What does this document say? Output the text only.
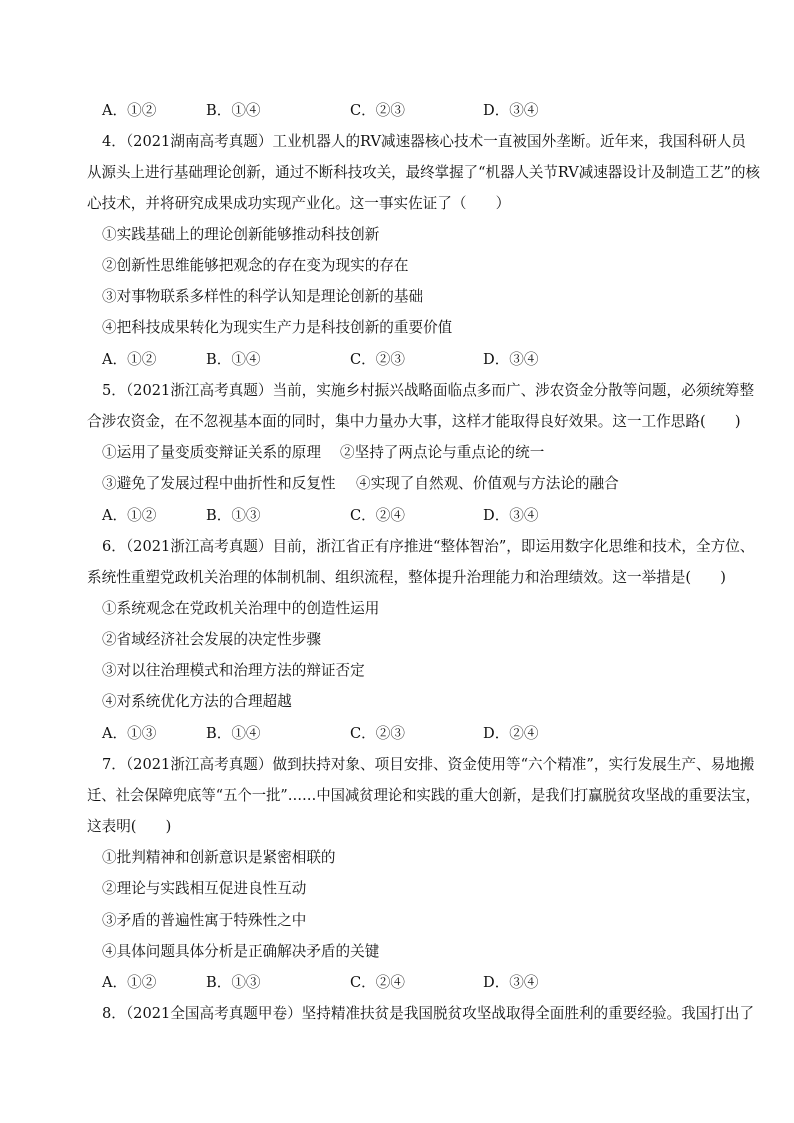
A．①②	B．①④	C．②③	D．③④
4．（2021湖南高考真题）工业机器人的RV减速器核心技术一直被国外垄断。近年来，我国科研人员
从源头上进行基础理论创新，通过不断科技攻关，最终掌握了“机器人关节RV减速器设计及制造工艺”的核
心技术，并将研究成果成功实现产业化。这一事实佐证了（　　）
①实践基础上的理论创新能够推动科技创新
②创新性思维能够把观念的存在变为现实的存在
③对事物联系多样性的科学认知是理论创新的基础
④把科技成果转化为现实生产力是科技创新的重要价值
A．①②	B．①④	C．②③	D．③④
5．（2021浙江高考真题）当前，实施乡村振兴战略面临点多而广、涉农资金分散等问题，必须统筹整
合涉农资金，在不忽视基本面的同时，集中力量办大事，这样才能取得良好效果。这一工作思路(　　)
①运用了量变质变辩证关系的原理 ②坚持了两点论与重点论的统一
③避免了发展过程中曲折性和反复性 ④实现了自然观、价值观与方法论的融合
A．①②	B．①③	C．②④	D．③④
6．（2021浙江高考真题）目前，浙江省正有序推进“整体智治”，即运用数字化思维和技术，全方位、
系统性重塑党政机关治理的体制机制、组织流程，整体提升治理能力和治理绩效。这一举措是(　　)
①系统观念在党政机关治理中的创造性运用
②省域经济社会发展的决定性步骤
③对以往治理模式和治理方法的辩证否定
④对系统优化方法的合理超越
A．①③	B．①④	C．②③	D．②④
7．（2021浙江高考真题）做到扶持对象、项目安排、资金使用等“六个精准”，实行发展生产、易地搬
迁、社会保障兜底等“五个一批”……中国减贫理论和实践的重大创新，是我们打赢脱贫攻坚战的重要法宝，
这表明(　　)
①批判精神和创新意识是紧密相联的
②理论与实践相互促进良性互动
③矛盾的普遍性寓于特殊性之中
④具体问题具体分析是正确解决矛盾的关键
A．①②	B．①③	C．②④	D．③④
8．（2021全国高考真题甲卷）坚持精准扶贫是我国脱贫攻坚战取得全面胜利的重要经验。我国打出了
